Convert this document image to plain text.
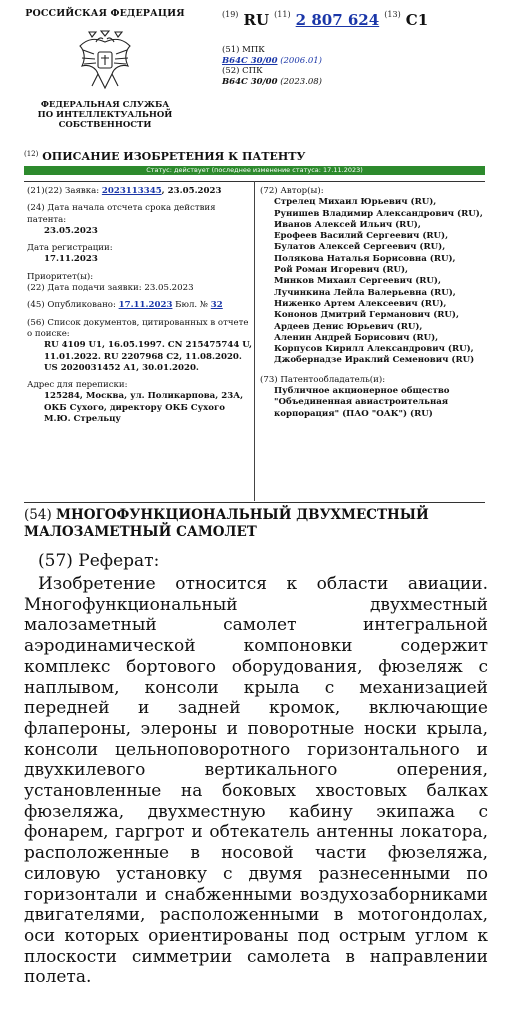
РОССИЙСКАЯ ФЕДЕРАЦИЯ
ФЕДЕРАЛЬНАЯ СЛУЖБА
ПО ИНТЕЛЛЕКТУАЛЬНОЙ СОБСТВЕННОСТИ
$^{(19)}$ RU $^{(11)}$ 2 807 624 $^{(13)}$ C1
(51) МПК
B64C 30/00 (2006.01)
(52) СПК
B64C 30/00 (2023.08)
$^{(12)}$ ОПИСАНИЕ ИЗОБРЕТЕНИЯ К ПАТЕНТУ
Статус: действует (последнее изменение статуса: 17.11.2023)
(21)(22) Заявка: 2023113345, 23.05.2023
(24) Дата начала отсчета срока действия патента:
23.05.2023
Дата регистрации:
17.11.2023
Приоритет(ы):
(22) Дата подачи заявки: 23.05.2023
(45) Опубликовано: 17.11.2023 Бюл. № 32
(56) Список документов, цитированных в отчете о поиске:
RU 4109 U1, 16.05.1997. CN 215475744 U, 11.01.2022. RU 2207968 C2, 11.08.2020. US 2020031452 A1, 30.01.2020.
Адрес для переписки:
125284, Москва, ул. Поликарпова, 23А, ОКБ Сухого, директору ОКБ Сухого М.Ю. Стрельцу
(72) Автор(ы):
Стрелец Михаил Юрьевич (RU),
Рунишев Владимир Александрович (RU),
Иванов Алексей Ильич (RU),
Ерофеев Василий Сергеевич (RU),
Булатов Алексей Сергеевич (RU),
Полякова Наталья Борисовна (RU),
Рой Роман Игоревич (RU),
Минков Михаил Сергеевич (RU),
Лучинкина Лейла Валерьевна (RU),
Ниженко Артем Алексеевич (RU),
Кононов Дмитрий Германович (RU),
Ардеев Денис Юрьевич (RU),
Аленин Андрей Борисович (RU),
Корпусов Кирилл Александрович (RU),
Джобернадзе Ираклий Семенович (RU)
(73) Патентообладатель(и):
Публичное акционерное общество "Объединенная авиастроительная корпорация" (ПАО "ОАК") (RU)
(54) МНОГОФУНКЦИОНАЛЬНЫЙ ДВУХМЕСТНЫЙ МАЛОЗАМЕТНЫЙ САМОЛЕТ
(57) Реферат:
Изобретение относится к области авиации. Многофункциональный двухместный малозаметный самолет интегральной аэродинамической компоновки содержит комплекс бортового оборудования, фюзеляж с наплывом, консоли крыла с механизацией передней и задней кромок, включающие флапероны, элероны и поворотные носки крыла, консоли цельноповоротного горизонтального и двухкилевого вертикального оперения, установленные на боковых хвостовых балках фюзеляжа, двухместную кабину экипажа с фонарем, гаргрот и обтекатель антенны локатора, расположенные в носовой части фюзеляжа, силовую установку с двумя разнесенными по горизонтали и снабженными воздухозаборниками двигателями, расположенными в мотогондолах, оси которых ориентированы под острым углом к плоскости симметрии самолета в направлении полета.
